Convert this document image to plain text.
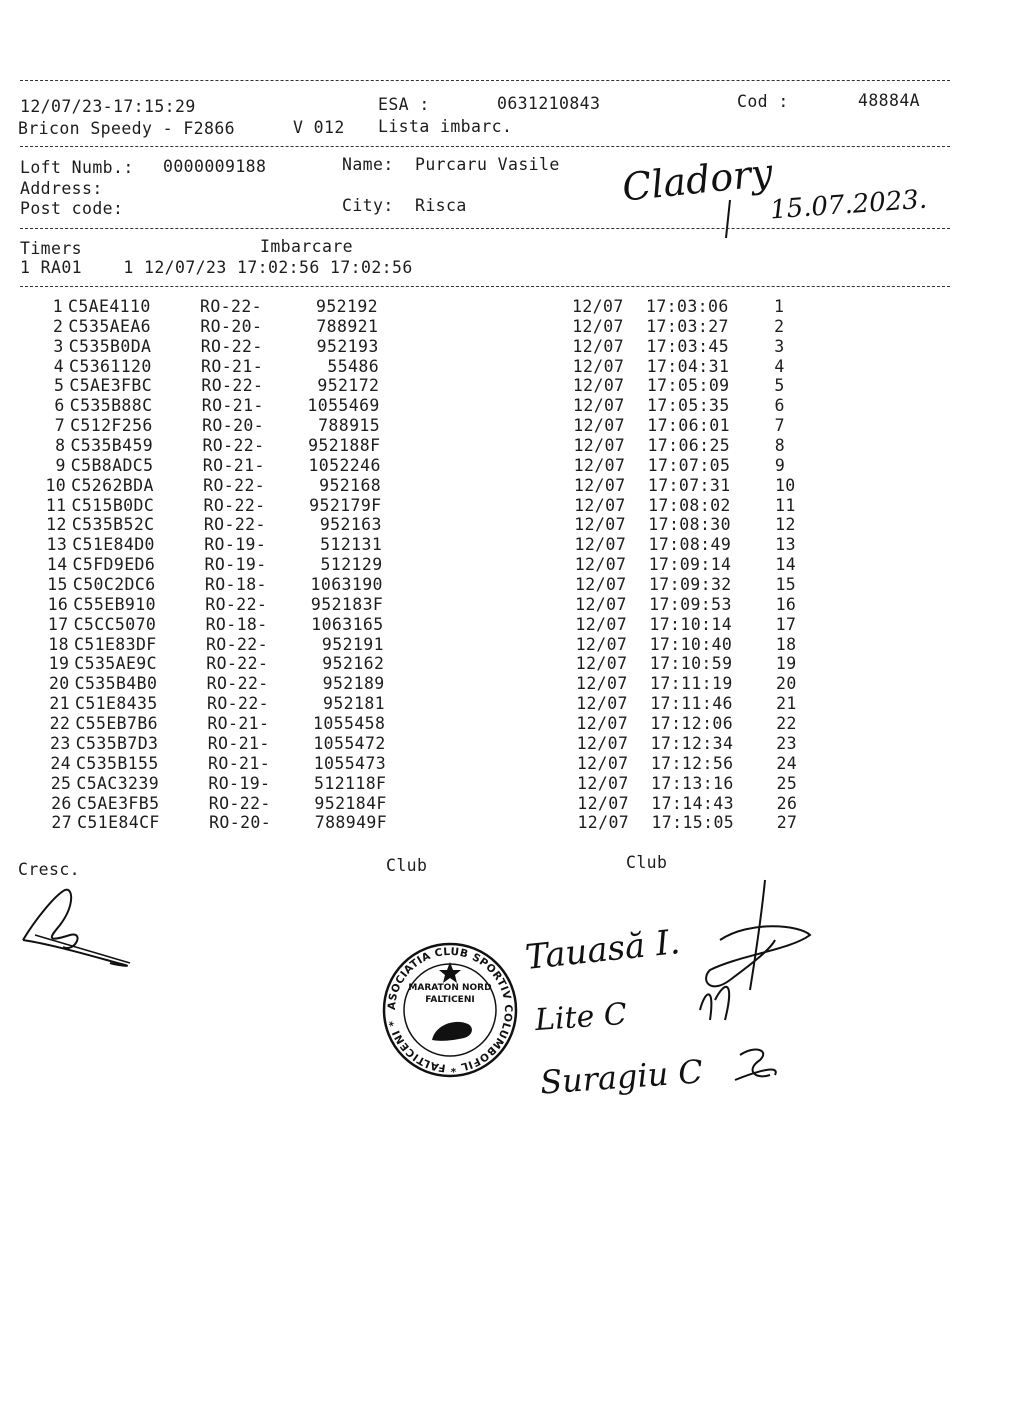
12/07/23-17:15:29	ESA :	0631210843	Cod :	48884A
Bricon Speedy - F2866	V 012 Lista imbarc.
Loft Numb.: 0000009188	Name: Purcaru Vasile
Address:
Post code:	City: Risca	Cladory
15.07.2023.
Timers	Imbarcare
1 RA01    1 12/07/23 17:02:56 17:02:56
1 C5AE4110	RO-22-	952192	12/07 17:03:06	1
2 C535AEA6	RO-20-	788921	12/07 17:03:27	2
3 C535B0DA	RO-22-	952193	12/07 17:03:45	3
4 C5361120	RO-21-	55486	12/07 17:04:31	4
5 C5AE3FBC	RO-22-	952172	12/07 17:05:09	5
6 C535B88C	RO-21-	1055469	12/07 17:05:35	6
7 C512F256	RO-20-	788915	12/07 17:06:01	7
8 C535B459	RO-22-	952188F	12/07 17:06:25	8
9 C5B8ADC5	RO-21-	1052246	12/07 17:07:05	9
10 C5262BDA	RO-22-	952168	12/07 17:07:31	10
11 C515B0DC	RO-22-	952179F	12/07 17:08:02	11
12 C535B52C	RO-22-	952163	12/07 17:08:30	12
13 C51E84D0	RO-19-	512131	12/07 17:08:49	13
14 C5FD9ED6	RO-19-	512129	12/07 17:09:14	14
15 C50C2DC6	RO-18-	1063190	12/07 17:09:32	15
16 C55EB910	RO-22-	952183F	12/07 17:09:53	16
17 C5CC5070	RO-18-	1063165	12/07 17:10:14	17
18 C51E83DF	RO-22-	952191	12/07 17:10:40	18
19 C535AE9C	RO-22-	952162	12/07 17:10:59	19
20 C535B4B0	RO-22-	952189	12/07 17:11:19	20
21 C51E8435	RO-22-	952181	12/07 17:11:46	21
22 C55EB7B6	RO-21-	1055458	12/07 17:12:06	22
23 C535B7D3	RO-21-	1055472	12/07 17:12:34	23
24 C535B155	RO-21-	1055473	12/07 17:12:56	24
25 C5AC3239	RO-19-	512118F	12/07 17:13:16	25
26 C5AE3FB5	RO-22-	952184F	12/07 17:14:43	26
27 C51E84CF	RO-20-	788949F	12/07 17:15:05	27
Cresc.	Club	Club
ASOCIATIA CLUB SPORTIV COLUMBOFIL * FALTICENI *
MARATON NORD
FALTICENI
Tauasă I.
Lite C
Suragiu C
